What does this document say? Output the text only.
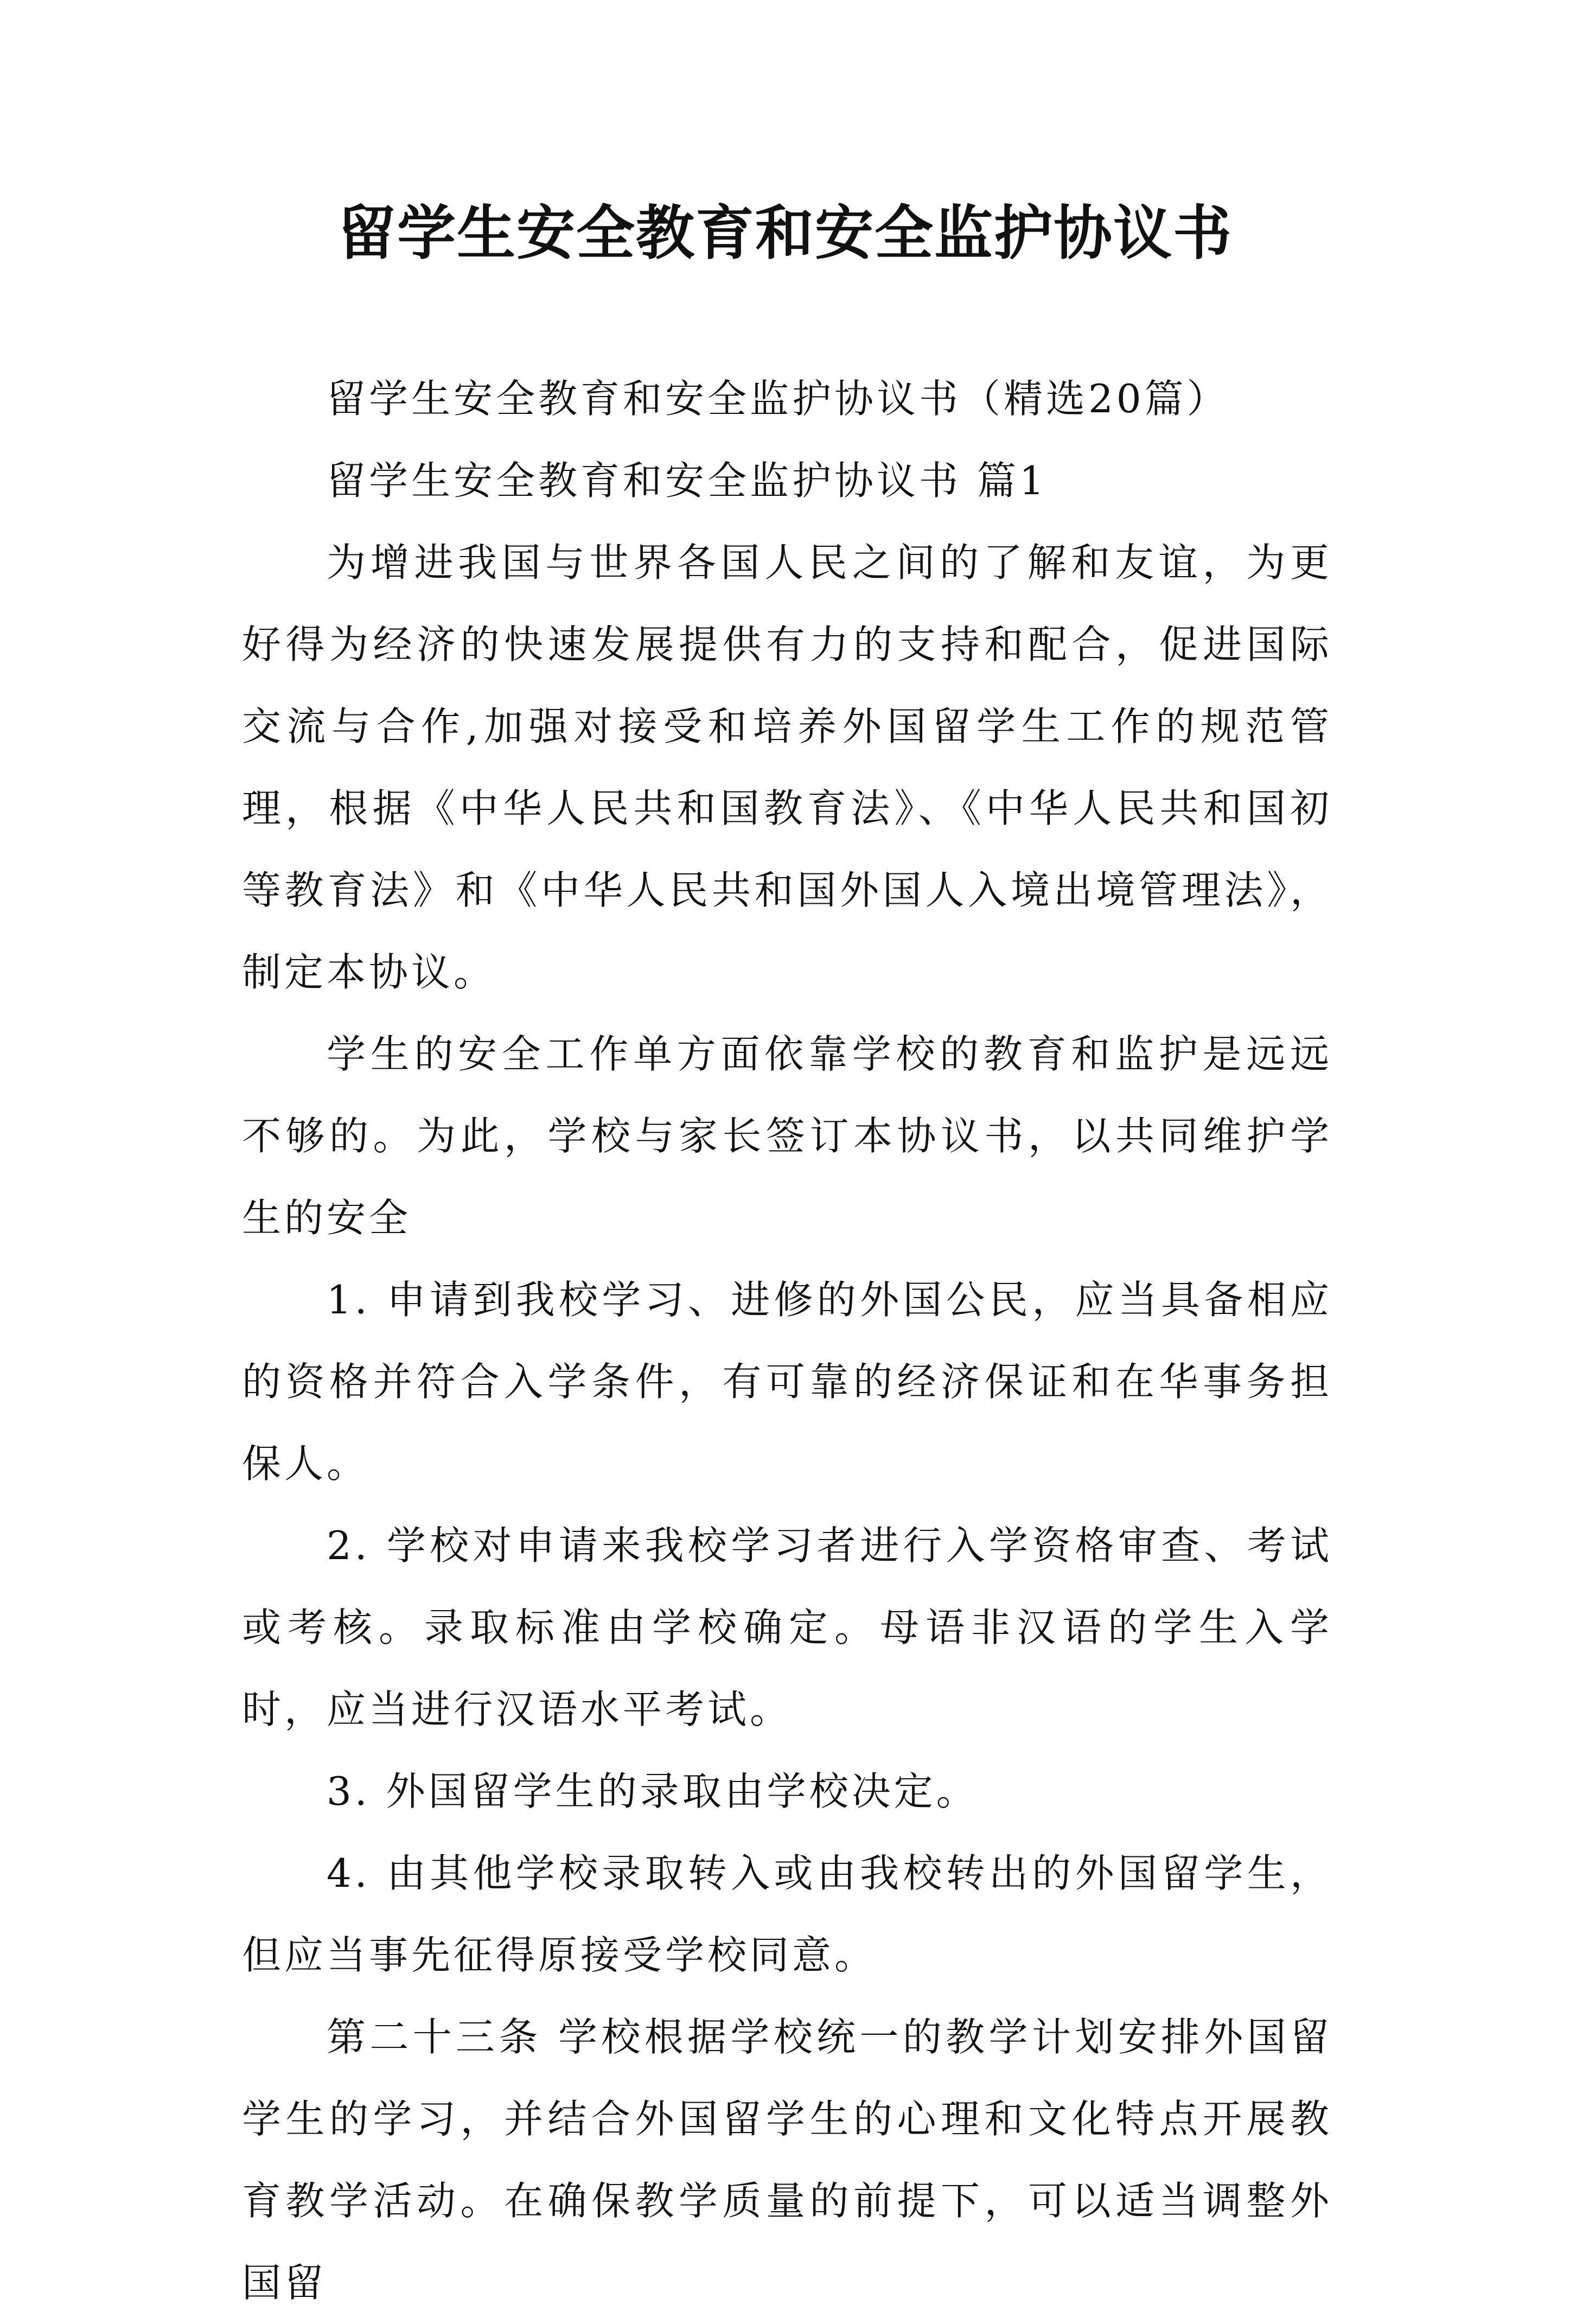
留学生安全教育和安全监护协议书

留学生安全教育和安全监护协议书（精选20篇）

留学生安全教育和安全监护协议书 篇1

为增进我国与世界各国人民之间的了解和友谊，为更好得为经济的快速发展提供有力的支持和配合，促进国际交流与合作,加强对接受和培养外国留学生工作的规范管理，根据《中华人民共和国教育法》、《中华人民共和国初等教育法》和《中华人民共和国外国人入境出境管理法》，制定本协议。

学生的安全工作单方面依靠学校的教育和监护是远远不够的。为此，学校与家长签订本协议书，以共同维护学生的安全

1. 申请到我校学习、进修的外国公民，应当具备相应的资格并符合入学条件，有可靠的经济保证和在华事务担保人。

2. 学校对申请来我校学习者进行入学资格审查、考试或考核。录取标准由学校确定。母语非汉语的学生入学时，应当进行汉语水平考试。

3. 外国留学生的录取由学校决定。

4. 由其他学校录取转入或由我校转出的外国留学生，但应当事先征得原接受学校同意。

第二十三条 学校根据学校统一的教学计划安排外国留学生的学习，并结合外国留学生的心理和文化特点开展教育教学活动。在确保教学质量的前提下，可以适当调整外国留
